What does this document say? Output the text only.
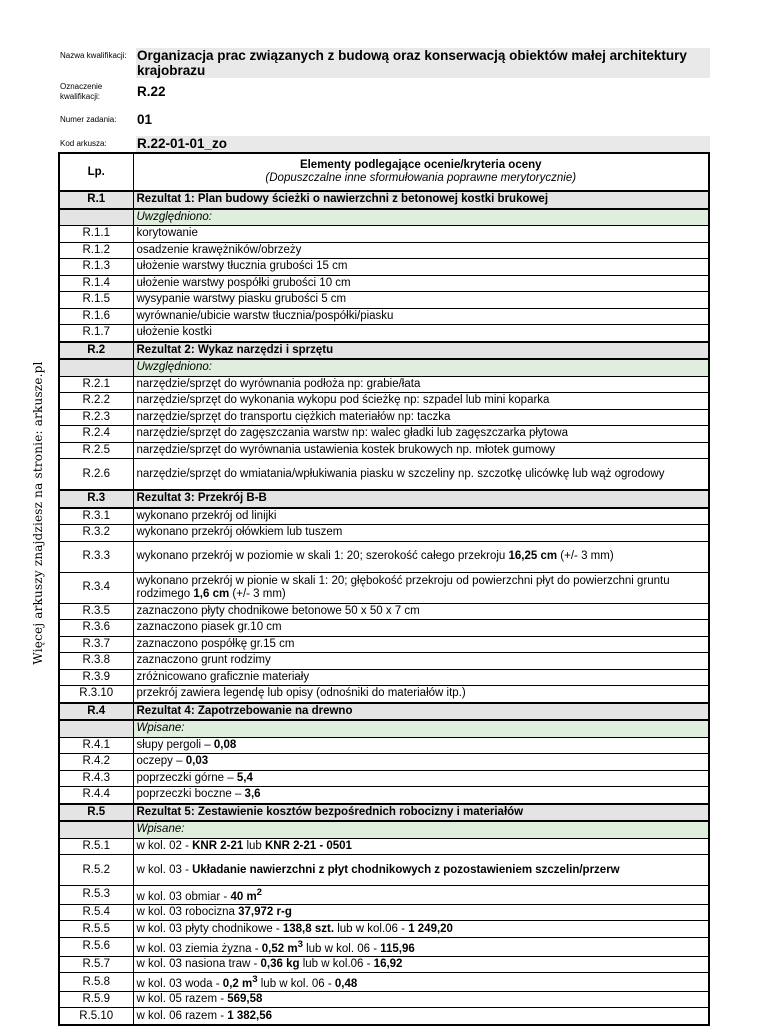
Nazwa kwalifikacji: Organizacja prac związanych z budową oraz konserwacją obiektów małej architektury krajobrazu
Oznaczenie kwalifikacji:	R.22
Numer zadania:	01
Kod arkusza:	R.22-01-01_zo
Więcej arkuszy znajdziesz na stronie: arkusze.pl
Lp.	Elementy podlegające ocenie/kryteria oceny
(Dopuszczalne inne sformułowania poprawne merytorycznie)

R.1	Rezultat 1: Plan budowy ścieżki o nawierzchni z betonowej kostki brukowej
	Uwzględniono:
R.1.1	korytowanie
R.1.2	osadzenie krawężników/obrzeży
R.1.3	ułożenie warstwy tłucznia grubości 15 cm
R.1.4	ułożenie warstwy pospółki grubości 10 cm
R.1.5	wysypanie warstwy piasku grubości 5 cm
R.1.6	wyrównanie/ubicie warstw tłucznia/pospółki/piasku
R.1.7	ułożenie kostki
R.2	Rezultat 2: Wykaz narzędzi i sprzętu
	Uwzględniono:
R.2.1	narzędzie/sprzęt do wyrównania podłoża np: grabie/łata
R.2.2	narzędzie/sprzęt do wykonania wykopu pod ścieżkę np: szpadel lub mini koparka
R.2.3	narzędzie/sprzęt do transportu ciężkich materiałów np: taczka
R.2.4	narzędzie/sprzęt do zagęszczania warstw np: walec gładki lub zagęszczarka płytowa
R.2.5	narzędzie/sprzęt do wyrównania ustawienia kostek brukowych np. młotek gumowy
R.2.6	narzędzie/sprzęt do wmiatania/wpłukiwania piasku w szczeliny np. szczotkę ulicówkę lub wąż ogrodowy
R.3	Rezultat 3: Przekrój B-B
R.3.1	wykonano przekrój od linijki
R.3.2	wykonano przekrój ołówkiem lub tuszem
R.3.3	wykonano przekrój w poziomie w skali 1: 20; szerokość całego przekroju 16,25 cm (+/- 3 mm)
R.3.4	wykonano przekrój w pionie w skali 1: 20; głębokość przekroju od powierzchni płyt do powierzchni gruntu rodzimego 1,6 cm (+/- 3 mm)
R.3.5	zaznaczono płyty chodnikowe betonowe 50 x 50 x 7 cm
R.3.6	zaznaczono piasek gr.10 cm
R.3.7	zaznaczono pospółkę gr.15 cm
R.3.8	zaznaczono grunt rodzimy
R.3.9	zróżnicowano graficznie materiały
R.3.10	przekrój zawiera legendę lub opisy (odnośniki do materiałów itp.)
R.4	Rezultat 4: Zapotrzebowanie na drewno
	Wpisane:
R.4.1	słupy pergoli – 0,08
R.4.2	oczepy – 0,03
R.4.3	poprzeczki górne – 5,4
R.4.4	poprzeczki boczne – 3,6
R.5	Rezultat 5: Zestawienie kosztów bezpośrednich robocizny i materiałów
	Wpisane:
R.5.1	w kol. 02 - KNR 2-21 lub KNR 2-21 - 0501
R.5.2	w kol. 03 - Układanie nawierzchni z płyt chodnikowych z pozostawieniem szczelin/przerw
R.5.3	w kol. 03 obmiar - 40 $m^2$
R.5.4	w kol. 03 robocizna 37,972 r-g
R.5.5	w kol. 03 płyty chodnikowe - 138,8 szt. lub w kol.06 - 1 249,20
R.5.6	w kol. 03 ziemia żyzna - 0,52 $m^3$ lub w kol. 06 - 115,96
R.5.7	w kol. 03 nasiona traw - 0,36 kg lub w kol.06 - 16,92
R.5.8	w kol. 03 woda - 0,2 $m^3$ lub w kol. 06 - 0,48
R.5.9	w kol. 05 razem - 569,58
R.5.10	w kol. 06 razem - 1 382,56
